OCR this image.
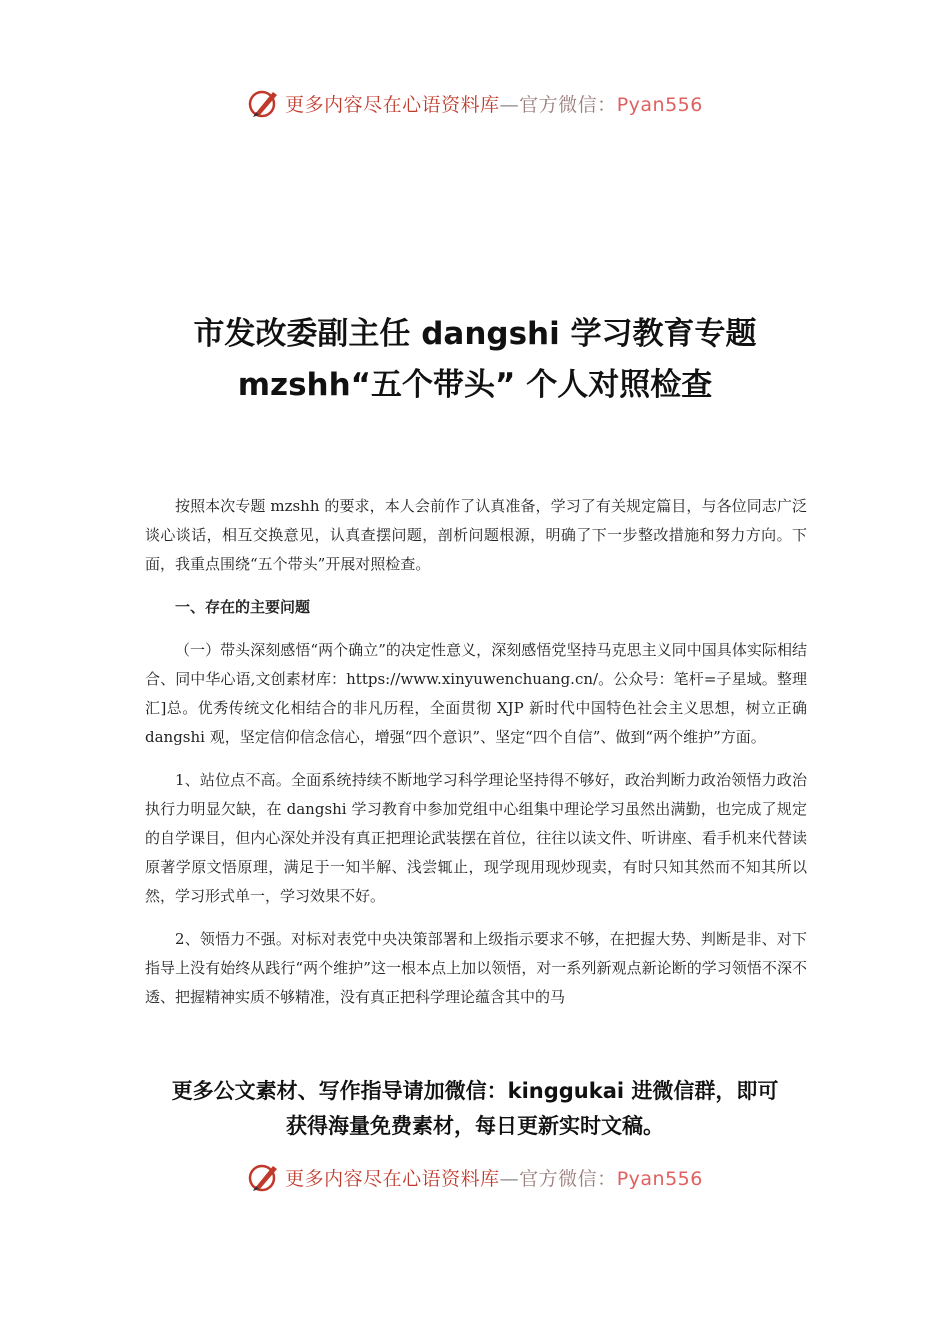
更多内容尽在心语资料库—官方微信：Pyan556
市发改委副主任 dangshi 学习教育专题
mzshh“五个带头” 个人对照检查

按照本次专题 mzshh 的要求，本人会前作了认真准备，学习了有关规定篇目，与各位同志广泛谈心谈话，相互交换意见，认真查摆问题，剖析问题根源，明确了下一步整改措施和努力方向。下面，我重点围绕“五个带头”开展对照检查。

一、存在的主要问题

（一）带头深刻感悟“两个确立”的决定性意义，深刻感悟党坚持马克思主义同中国具体实际相结合、同中华心语,文创素材库：https://www.xinyuwenchuang.cn/。公众号：笔杆=子星域。整理汇]总。优秀传统文化相结合的非凡历程，全面贯彻 XJP 新时代中国特色社会主义思想，树立正确 dangshi 观，坚定信仰信念信心，增强“四个意识”、坚定“四个自信”、做到“两个维护”方面。

1、站位点不高。全面系统持续不断地学习科学理论坚持得不够好，政治判断力政治领悟力政治执行力明显欠缺，在 dangshi 学习教育中参加党组中心组集中理论学习虽然出满勤，也完成了规定的自学课目，但内心深处并没有真正把理论武装摆在首位，往往以读文件、听讲座、看手机来代替读原著学原文悟原理，满足于一知半解、浅尝辄止，现学现用现炒现卖，有时只知其然而不知其所以然，学习形式单一，学习效果不好。

2、领悟力不强。对标对表党中央决策部署和上级指示要求不够，在把握大势、判断是非、对下指导上没有始终从践行“两个维护”这一根本点上加以领悟，对一系列新观点新论断的学习领悟不深不透、把握精神实质不够精准，没有真正把科学理论蕴含其中的马

更多公文素材、写作指导请加微信：kinggukai 进微信群，即可
获得海量免费素材，每日更新实时文稿。
更多内容尽在心语资料库—官方微信：Pyan556
